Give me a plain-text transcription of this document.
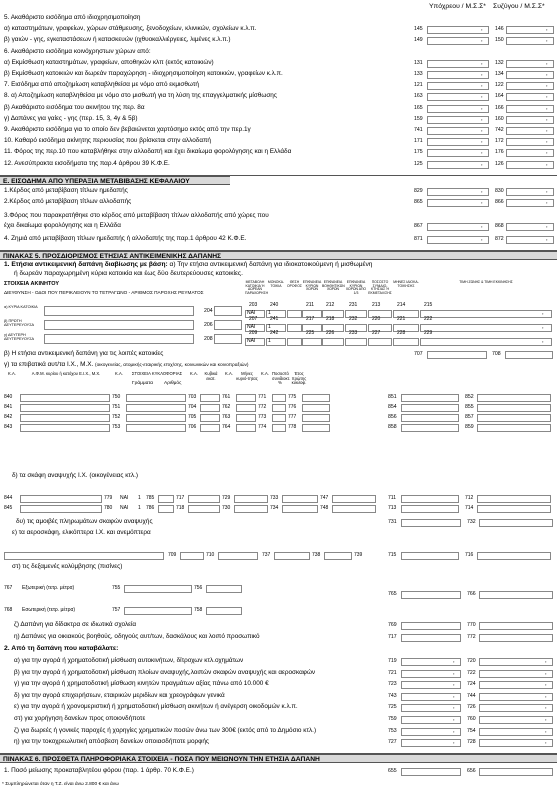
Υπόχρεου / Μ.Σ.Σ* Συζύγου / Μ.Σ.Σ*
5. Ακαθάριστο εισόδημα από ιδιοχρησιμοποίηση
α) καταστημάτων, γραφείων, χώρων στάθμευσης, ξενοδοχείων, κλινικών, σχολείων κ.λ.π.	145	146
,	,
β) γαιών - γης, εγκαταστάσεων ή κατασκευών (ιχθυοκαλλιέργειες, λιμένες κ.λ.π.)	149	150
,	,
6. Ακαθάριστο εισόδημα κοινόχρηστων χώρων από:
α) Εκμίσθωση καταστημάτων, γραφείων, αποθηκών κλπ (εκτός κατοικιών)	131	132
,	,
β) Εκμίσθωση κατοικιών και δωρεάν παραχώρηση - ιδιοχρησιμοποίηση κατοικιών, γραφείων κ.λ.π.	133	134
,	,
7. Εισόδημα από αποζημίωση καταβληθείσα με νόμο από εκμισθωτή	121	122
,	,
8. α) Αποζημίωση καταβληθείσα με νόμο στο μισθωτή για τη λύση της επαγγελματικής μίσθωσης	163	164
,	,
β) Ακαθάριστο εισόδημα του ακινήτου της περ. 8α	165	166
,	,
γ) Δαπάνες για γαίες - γης (περ. 15, 3, 4γ & 5β)	159	160
,	,
9. Ακαθάριστο εισόδημα για το οποίο δεν βεβαιώνεται χαρτόσημο εκτός από την περ.1γ	741	742
,	,
10. Καθαρό εισόδημα ακίνητης περιουσίας που βρίσκεται στην αλλοδαπή	171	172
,	,
11. Φόρος της περ.10 που καταβλήθηκε στην αλλοδαπή και έχει δικαίωμα φορολόγησης και η Ελλάδα	175	176
,	,
12. Ανεσύπρακτα εισοδήματα της παρ.4 άρθρου 39 Κ.Φ.Ε.	125	126
,	,
Ε. ΕΙΣΟΔΗΜΑ ΑΠΟ ΥΠΕΡΑΞΙΑ ΜΕΤΑΒΙΒΑΣΗΣ ΚΕΦΑΛΑΙΟΥ
1.Κέρδος από μεταβίβαση τίτλων ημεδαπής	829	830
,	,
2.Κέρδος από μεταβίβαση τίτλων αλλοδαπής	865	866
,	,
3.Φόρος που παρακρατήθηκε στο κέρδος από μεταβίβαση τίτλων αλλοδαπής από χώρες που
έχει δικαίωμα φορολόγησης και η Ελλάδα	867	868
,	,
4. Ζημιά από μεταβίβαση τίτλων ημεδαπής ή αλλοδαπής της παρ.1 άρθρου 42 Κ.Φ.Ε.	871	872
,	,
ΠΙΝΑΚΑΣ 5. ΠΡΟΣΔΙΟΡΙΣΜΟΣ ΕΤΗΣΙΑΣ ΑΝΤΙΚΕΙΜΕΝΙΚΗΣ ΔΑΠΑΝΗΣ
1. Ετήσια αντικειμενική δαπάνη διαβίωσης με βάση: α) Την ετήσια αντικειμενική δαπάνη για ιδιοκατοικούμενη ή μισθωμένη
ή δωρεάν παραχωρημένη κύρια κατοικία και έως δύο δευτερεύουσες κατοικίες.
ΣΤΟΙΧΕΙΑ ΑΚΙΝΗΤΟΥ
ΔΙΕΥΘΥΝΣΗ - ΟΔΟΙ ΠΟΥ ΠΕΡΙΚΛΕΙΟΥΝ ΤΟ ΤΕΤΡΑΓΩΝΟ - ΑΡΙΘΜΟΣ ΠΑΡΟΧΗΣ ΡΕΥΜΑΤΟΣ
ΜΕΤΑΒΟΛΗ ΚΑΤΟΙΚΙΑ Ή ΔΩΡΕΑΝ ΠΑΡΑΧΩΡΗΣΗ
ΜΟΝΟΚΑ-ΤΟΙΚΙΑ
ΘΕΣΗ ΟΡΟΦΟΣ
ΕΠΙΦΑΝΕΙΑ ΚΥΡΙΩΝ ΧΩΡΩΝ
ΕΠΙΦΑΝΕΙΑ ΒΟΗΘΗΤΙΚΩΝ ΧΩΡΩΝ
ΕΠΙΦΑΝΕΙΑ ΚΥΡΙΩΝ ΧΩΡΩΝ ΑΠΟ 1/3
ΠΟΣΟΣΤΟ ΣΥΝΙΔΙΟ-ΚΤΗΣΙΑΣ Ή ΕΚΜΕΤΑΛ/ΣΗΣ
ΜΗΝΕΣ ΙΔΙΟΚΑ-ΤΟΙΚΗΣΗΣ
ΤΙΜΗ ΖΩΝΗΣ & ΤΙΜΗ ΕΚΚΙΝΗΣΗΣ
α) ΚΥΡΙΑ ΚΑΤΟΙΚΙΑ
204
203	240	211 212	231	213	214	215
ΝΑΙ	1	,
β) ΠΡΩΤΗ ΔΕΥΤΕΡΕΥΟΥΣΑ	206
207	241	217 218	232	220	221	222
ΝΑΙ	1	,
γ) ΔΕΥΤΕΡΗ ΔΕΥΤΕΡΕΥΟΥΣΑ	208
209	242	225 226	233	227	228	229
ΝΑΙ	1	,
β) Η ετήσια αντικειμενική δαπάνη για τις λοιπές κατοικίες	707	708
γ) τα επιβατικά αυτ/τα Ι.Χ., Μ.Χ. (οικογενείας, ατομικής-εταιρικής επιχ/σης, κοινωνικών και κοινοπραξιών)
Κ.Α.	Α.Φ.Μ. κυρίου ή κατόχου Ε.Ι.Χ., Μ.Χ.	Κ.Α.	ΣΤΟΙΧΕΙΑ ΚΥΚΛΟΦΟΡΙΑΣ	Κ.Α.	Κυβικά εκατ.
Κ.Α.	Μήνες κυριό-τητας
Κ.Α. Ποσοστό συνιδιοκτ. %
Έτος πρώτης κυκλοφ.
Γράμματα Αριθμός
840	750	703	761	771	775	851	852
841	751	704	762	772	776	854	855
842	752	705	763	773	777	856	857
843	753	706	764	774	778	858	859
δ) τα σκάφη αναψυχής Ι.Χ. (οικογένειας κτλ.)
844	779 ΝΑΙ 1 785	717	729	733	747	711	712
845	780 ΝΑΙ 1 786	718	730	734	748	713	714
δυ) τις αμοιβές πληρωμάτων σκαφών αναψυχής	731	732
ε) τα αεροσκάφη, ελικόπτερα Ι.Χ. και ανεμόπτερα
709	710	737	738	739	715	716
στ) τις δεξαμενές κολύμβησης (πισίνες)
767 Εξωτερική (τετρ. μέτρα)	755	756
768 Εσωτερική (τετρ. μέτρα)	757	758
765	766
ζ) Δαπάνη για δίδακτρα σε ιδιωτικά σχολεία	769	770
η) Δαπάνες για οικιακούς βοηθούς, οδηγούς αυτ/των, δασκάλους και λοιπό προσωπικό	717	772
2. Από τη δαπάνη που καταβάλατε:
α) για την αγορά ή χρηματοδοτική μίσθωση αυτοκινήτων, δίτροχων κτλ.οχημάτων	719	720
,	,
β) για την αγορά ή χρηματοδοτική μίσθωση πλοίων αναψυχής,λοιπών σκαφών αναψυχής και αεροσκαφών	721	722
,	,
γ) για την αγορά ή χρηματοδοτική μίσθωση κινητών πραγμάτων αξίας πάνω από 10.000 €	723	724
,	,
δ) για την αγορά επιχειρήσεων, εταιρικών μεριδίων και χρεογράφων γενικά	743	744
,	,
ε) για την αγορά ή χρονομεριστική ή χρηματοδοτική μίσθωση ακινήτων ή ανέγερση οικοδομών κ.λ.π.	725	726
,	,
στ) για χορήγηση δανείων προς οποιονδήποτε	759	760
,	,
ζ) για δωρεές ή γονικές παροχές ή χορηγίες χρηματικών ποσών άνω των 300€ (εκτός από το Δημόσιο κτλ.)	753	754
,	,
η) για την τοκοχρεωλυτική απόσβεση δανείων οποιασδήποτε μορφής	727	728
,	,
ΠΙΝΑΚΑΣ 6. ΠΡΟΣΘΕΤΑ ΠΛΗΡΟΦΟΡΙΑΚΑ ΣΤΟΙΧΕΙΑ - ΠΟΣΑ ΠΟΥ ΜΕΙΩΝΟΥΝ ΤΗΝ ΕΤΗΣΙΑ ΔΑΠΑΝΗ
1. Ποσό μείωσης προκαταβλητέου φόρου (παρ. 1 άρθρ. 70 Κ.Φ.Ε.)	655	656
* Συμπληρώνεται όταν η Τ.Ζ. είναι άνω 2.800 € και άνω
